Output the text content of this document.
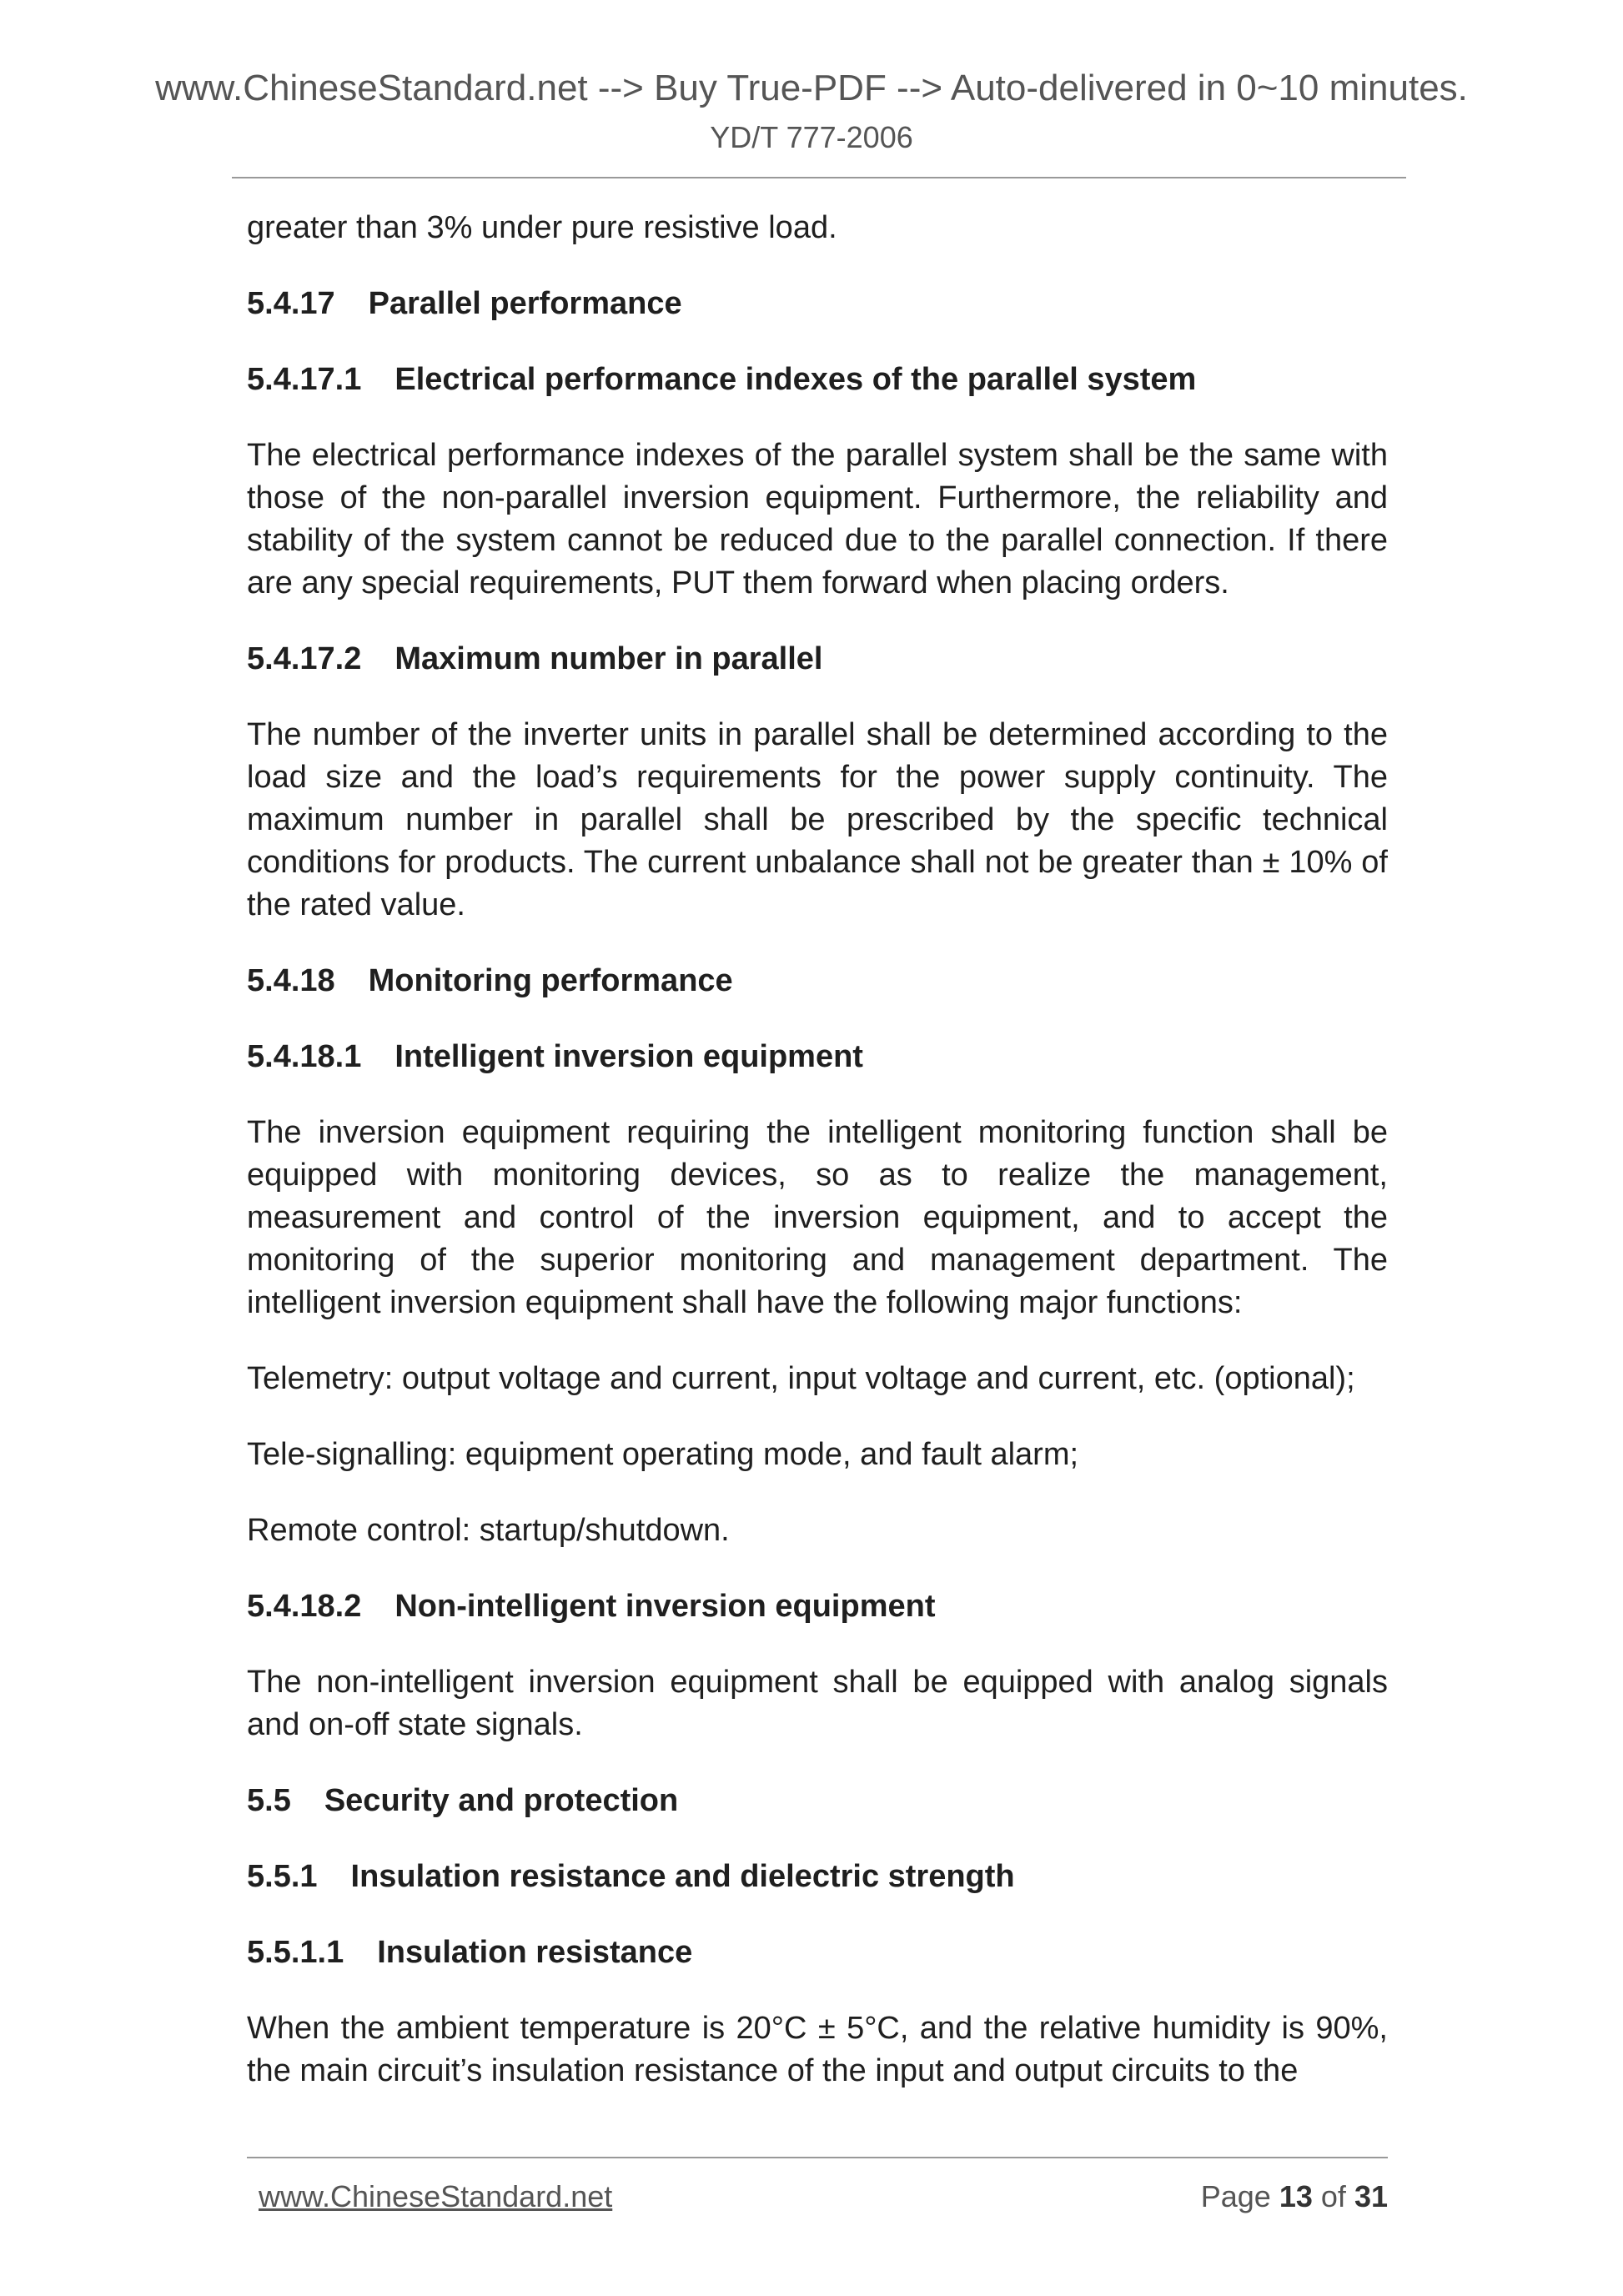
www.ChineseStandard.net --> Buy True-PDF --> Auto-delivered in 0~10 minutes.

YD/T 777-2006

greater than 3% under pure resistive load.

5.4.17 Parallel performance

5.4.17.1 Electrical performance indexes of the parallel system

The electrical performance indexes of the parallel system shall be the same with those of the non-parallel inversion equipment. Furthermore, the reliability and stability of the system cannot be reduced due to the parallel connection. If there are any special requirements, PUT them forward when placing orders.

5.4.17.2 Maximum number in parallel

The number of the inverter units in parallel shall be determined according to the load size and the load’s requirements for the power supply continuity. The maximum number in parallel shall be prescribed by the specific technical conditions for products. The current unbalance shall not be greater than ± 10% of the rated value.

5.4.18 Monitoring performance

5.4.18.1 Intelligent inversion equipment

The inversion equipment requiring the intelligent monitoring function shall be equipped with monitoring devices, so as to realize the management, measurement and control of the inversion equipment, and to accept the monitoring of the superior monitoring and management department. The intelligent inversion equipment shall have the following major functions:

Telemetry: output voltage and current, input voltage and current, etc. (optional);

Tele-signalling: equipment operating mode, and fault alarm;

Remote control: startup/shutdown.

5.4.18.2 Non-intelligent inversion equipment

The non-intelligent inversion equipment shall be equipped with analog signals and on-off state signals.

5.5 Security and protection

5.5.1 Insulation resistance and dielectric strength

5.5.1.1 Insulation resistance

When the ambient temperature is 20°C ± 5°C, and the relative humidity is 90%, the main circuit’s insulation resistance of the input and output circuits to the

www.ChineseStandard.net	Page 13 of 31
